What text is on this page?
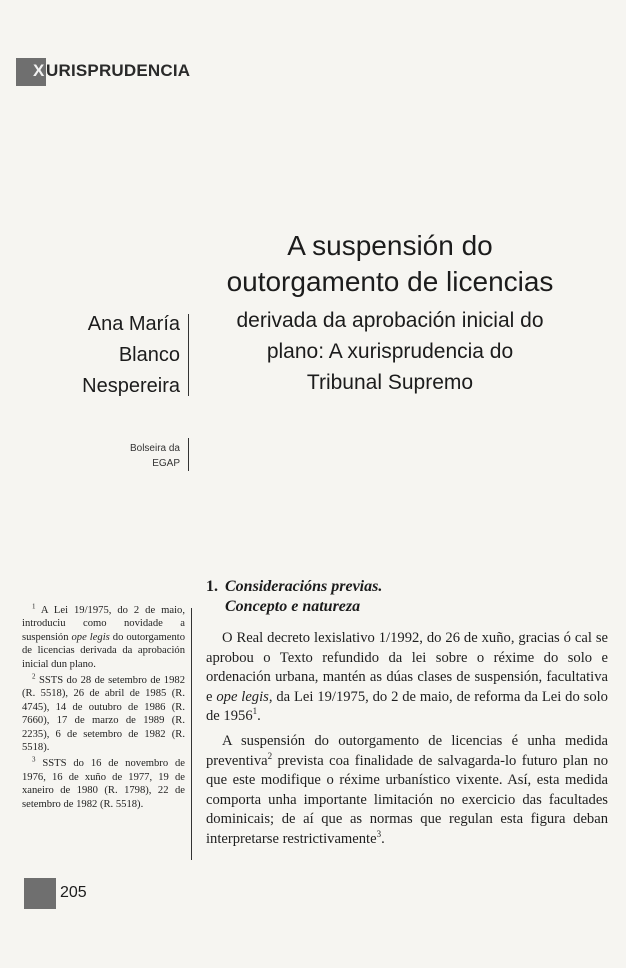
X URISPRUDENCIA
A suspensión do
outorgamento de licencias
derivada da aprobación inicial do
plano: A xurisprudencia do
Tribunal Supremo
Ana María
Blanco
Nespereira
Bolseira da
EGAP

$^1$ A Lei 19/1975, do 2 de maio, introduciu como novidade a suspensión ope legis do outorgamento de licencias derivada da aprobación inicial dun plano.

$^2$ SSTS do 28 de setembro de 1982 (R. 5518), 26 de abril de 1985 (R. 4745), 14 de outubro de 1986 (R. 7660), 17 de marzo de 1989 (R. 2235), 6 de setembro de 1982 (R. 5518).

$^3$ SSTS do 16 de novembro de 1976, 16 de xuño de 1977, 19 de xaneiro de 1980 (R. 1798), 22 de setembro de 1982 (R. 5518).

1. Consideracións previas.
Concepto e natureza

O Real decreto lexislativo 1/1992, do 26 de xuño, gracias ó cal se aprobou o Texto refundido da lei sobre o réxime do solo e ordenación urbana, mantén as dúas clases de suspensión, facultativa e ope legis, da Lei 19/1975, do 2 de maio, de reforma da Lei do solo de 1956$^1$.

A suspensión do outorgamento de licencias é unha medida preventiva$^2$ prevista coa finalidade de salvagarda-lo futuro plan no que este modifique o réxime urbanístico vixente. Así, esta medida comporta unha importante limitación no exercicio das facultades dominicais; de aí que as normas que regulan esta figura deban interpretarse restrictivamente$^3$.

205
